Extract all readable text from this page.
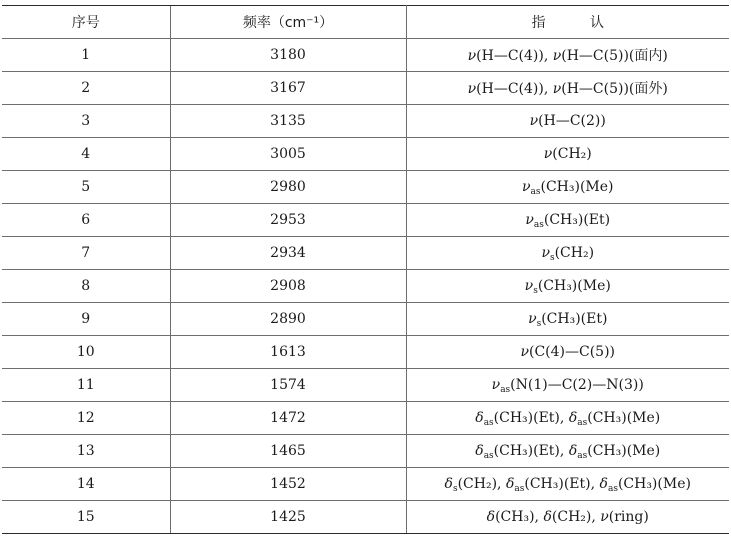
序号	频率（cm⁻¹）	指 认
1	3180	ν(H—C(4)), ν(H—C(5))(面内)
2	3167	ν(H—C(4)), ν(H—C(5))(面外)
3	3135	ν(H—C(2))
4	3005	ν(CH₂)
5	2980	$\nu_{as}(CH_3)(Me)$
6	2953	$\nu_{as}(CH_3)(Et)$
7	2934	$\nu_s(CH_2)$
8	2908	$\nu_s(CH_3)(Me)$
9	2890	$\nu_s(CH_3)(Et)$
10	1613	ν(C(4)—C(5))
11	1574	$\nu_{as}(N(1)—C(2)—N(3))$
12	1472	$\delta_{as}(CH_3)(Et)$, $\delta_{as}(CH_3)(Me)$
13	1465	$\delta_{as}(CH_3)(Et)$, $\delta_{as}(CH_3)(Me)$
14	1452	$\delta_s(CH_2)$, $\delta_{as}(CH_3)(Et)$, $\delta_{as}(CH_3)(Me)$
15	1425	δ(CH₃), δ(CH₂), ν(ring)
